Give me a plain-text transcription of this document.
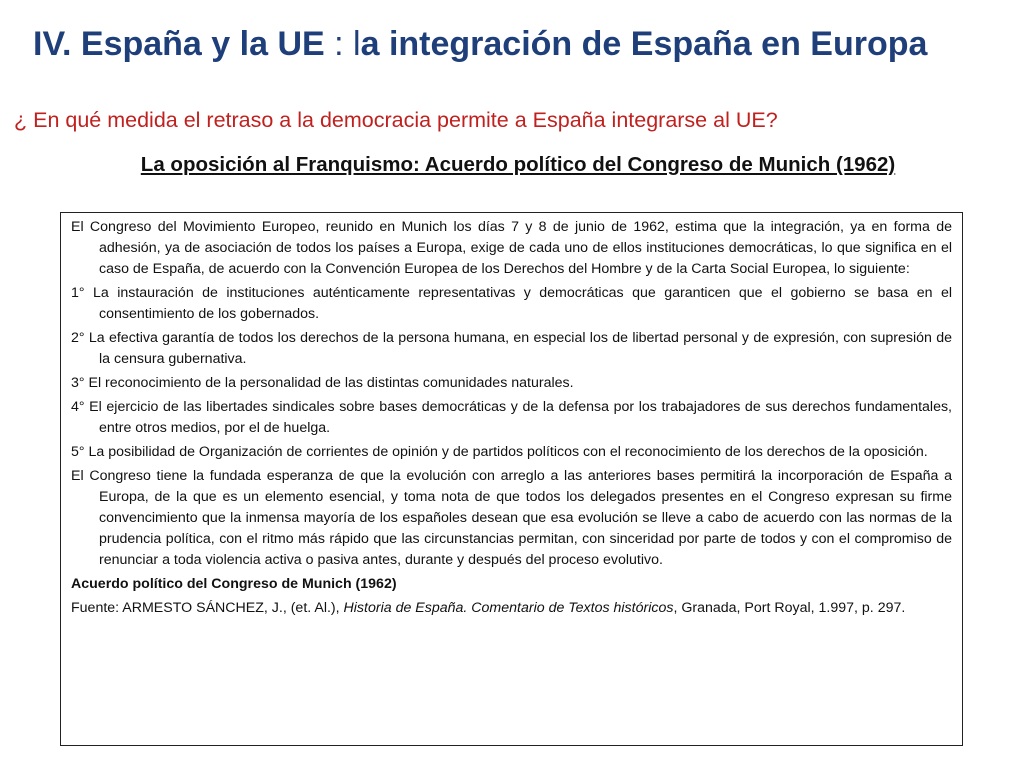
IV. España y la UE : la integración de España en Europa
¿ En qué medida el retraso a la democracia permite a España integrarse al UE?
La oposición al Franquismo: Acuerdo político del Congreso de Munich (1962)

El Congreso del Movimiento Europeo, reunido en Munich los días 7 y 8 de junio de 1962, estima que la integración, ya en forma de adhesión, ya de asociación de todos los países a Europa, exige de cada uno de ellos instituciones democráticas, lo que significa en el caso de España, de acuerdo con la Convención Europea de los Derechos del Hombre y de la Carta Social Europea, lo siguiente:

1° La instauración de instituciones auténticamente representativas y democráticas que garanticen que el gobierno se basa en el consentimiento de los gobernados.

2° La efectiva garantía de todos los derechos de la persona humana, en especial los de libertad personal y de expresión, con supresión de la censura gubernativa.

3° El reconocimiento de la personalidad de las distintas comunidades naturales.

4° El ejercicio de las libertades sindicales sobre bases democráticas y de la defensa por los trabajadores de sus derechos fundamentales, entre otros medios, por el de huelga.

5° La posibilidad de Organización de corrientes de opinión y de partidos políticos con el reconocimiento de los derechos de la oposición.

El Congreso tiene la fundada esperanza de que la evolución con arreglo a las anteriores bases permitirá la incorporación de España a Europa, de la que es un elemento esencial, y toma nota de que todos los delegados presentes en el Congreso expresan su firme convencimiento que la inmensa mayoría de los españoles desean que esa evolución se lleve a cabo de acuerdo con las normas de la prudencia política, con el ritmo más rápido que las circunstancias permitan, con sinceridad por parte de todos y con el compromiso de renunciar a toda violencia activa o pasiva antes, durante y después del proceso evolutivo.

Acuerdo político del Congreso de Munich (1962)

Fuente: ARMESTO SÁNCHEZ, J., (et. Al.), Historia de España. Comentario de Textos históricos, Granada, Port Royal, 1.997, p. 297.
